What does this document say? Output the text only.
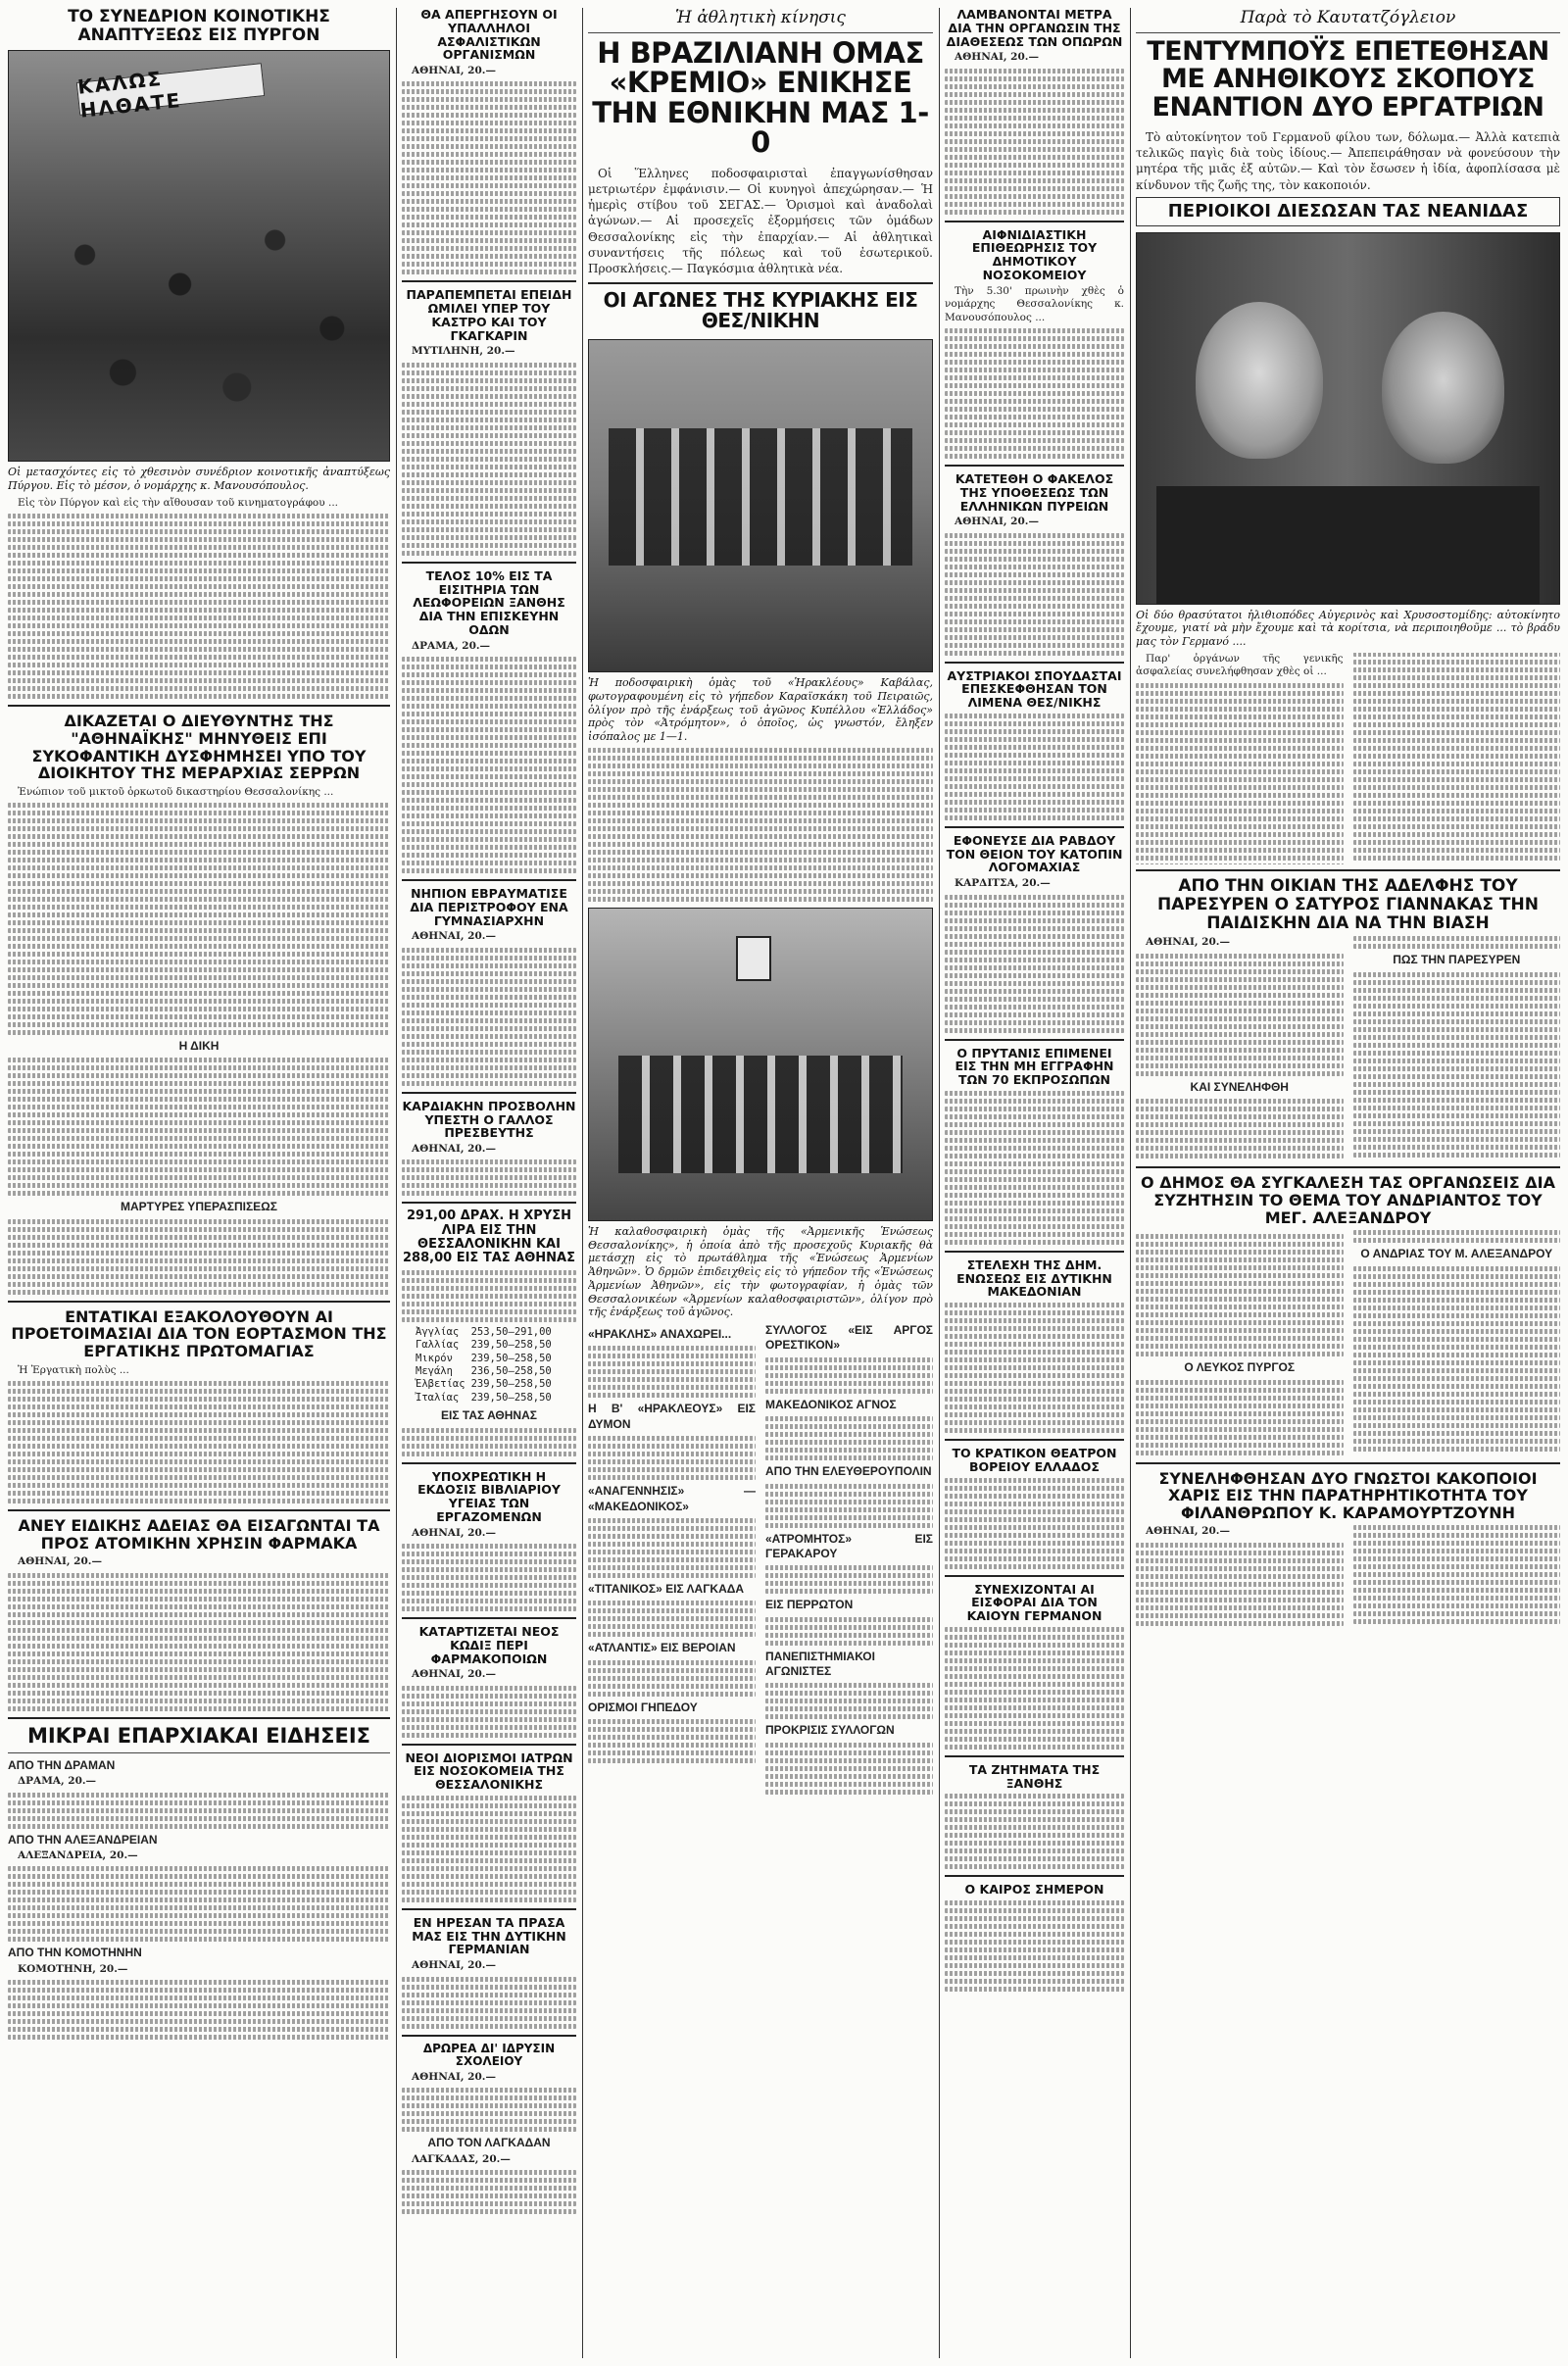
ΤΟ ΣΥΝΕΔΡΙΟΝ ΚΟΙΝΟΤΙΚΗΣ ΑΝΑΠΤΥΞΕΩΣ ΕΙΣ ΠΥΡΓΟΝ
ΚΑΛΩΣ ΗΛΘΑΤΕ
Οἱ μετασχόντες εἰς τὸ χθεσινὸν συνέδριον κοινοτικῆς ἀναπτύξεως Πύργου. Εἰς τὸ μέσον, ὁ νομάρχης κ. Μανουσόπουλος.

Εἰς τὸν Πύργον καὶ εἰς τὴν αἴθουσαν τοῦ κινηματογράφου ...

ΔΙΚΑΖΕΤΑΙ Ο ΔΙΕΥΘΥΝΤΗΣ ΤΗΣ "ΑΘΗΝΑΪΚΗΣ" ΜΗΝΥΘΕΙΣ ΕΠΙ ΣΥΚΟΦΑΝΤΙΚΗ ΔΥΣΦΗΜΗΣΕΙ ΥΠΟ ΤΟΥ ΔΙΟΙΚΗΤΟΥ ΤΗΣ ΜΕΡΑΡΧΙΑΣ ΣΕΡΡΩΝ

Ἐνώπιον τοῦ μικτοῦ ὁρκωτοῦ δικαστηρίου Θεσσαλονίκης ...

Η ΔΙΚΗ
ΜΑΡΤΥΡΕΣ ΥΠΕΡΑΣΠΙΣΕΩΣ
ΕΝΤΑΤΙΚΑΙ ΕΞΑΚΟΛΟΥΘΟΥΝ ΑΙ ΠΡΟΕΤΟΙΜΑΣΙΑΙ ΔΙΑ ΤΟΝ ΕΟΡΤΑΣΜΟΝ ΤΗΣ ΕΡΓΑΤΙΚΗΣ ΠΡΩΤΟΜΑΓΙΑΣ

Ἡ Ἐργατικὴ πολὺς ...

ΑΝΕΥ ΕΙΔΙΚΗΣ ΑΔΕΙΑΣ ΘΑ ΕΙΣΑΓΩΝΤΑΙ ΤΑ ΠΡΟΣ ΑΤΟΜΙΚΗΝ ΧΡΗΣΙΝ ΦΑΡΜΑΚΑ

ΑΘΗΝΑΙ, 20.—

ΜΙΚΡΑΙ ΕΠΑΡΧΙΑΚΑΙ ΕΙΔΗΣΕΙΣ
ΑΠΟ ΤΗΝ ΔΡΑΜΑΝ

ΔΡΑΜΑ, 20.—

ΑΠΟ ΤΗΝ ΑΛΕΞΑΝΔΡΕΙΑΝ

ΑΛΕΞΑΝΔΡΕΙΑ, 20.—

ΑΠΟ ΤΗΝ ΚΟΜΟΤΗΝΗΝ

ΚΟΜΟΤΗΝΗ, 20.—

ΘΑ ΑΠΕΡΓΗΣΟΥΝ ΟΙ ΥΠΑΛΛΗΛΟΙ ΑΣΦΑΛΙΣΤΙΚΩΝ ΟΡΓΑΝΙΣΜΩΝ

ΑΘΗΝΑΙ, 20.—

ΠΑΡΑΠΕΜΠΕΤΑΙ ΕΠΕΙΔΗ ΩΜΙΛΕΙ ΥΠΕΡ ΤΟΥ ΚΑΣΤΡΟ ΚΑΙ ΤΟΥ ΓΚΑΓΚΑΡΙΝ

ΜΥΤΙΛΗΝΗ, 20.—

ΤΕΛΟΣ 10% ΕΙΣ ΤΑ ΕΙΣΙΤΗΡΙΑ ΤΩΝ ΛΕΩΦΟΡΕΙΩΝ ΞΑΝΘΗΣ ΔΙΑ ΤΗΝ ΕΠΙΣΚΕΥΗΝ ΟΔΩΝ

ΔΡΑΜΑ, 20.—

ΝΗΠΙΟΝ ΕΒΡΑΥΜΑΤΙΣΕ ΔΙΑ ΠΕΡΙΣΤΡΟΦΟΥ ΕΝΑ ΓΥΜΝΑΣΙΑΡΧΗΝ

ΑΘΗΝΑΙ, 20.—

ΚΑΡΔΙΑΚΗΝ ΠΡΟΣΒΟΛΗΝ ΥΠΕΣΤΗ Ο ΓΑΛΛΟΣ ΠΡΕΣΒΕΥΤΗΣ

ΑΘΗΝΑΙ, 20.—

291,00 ΔΡΑΧ. Η ΧΡΥΣΗ ΛΙΡΑ ΕΙΣ ΤΗΝ ΘΕΣΣΑΛΟΝΙΚΗΝ ΚΑΙ 288,00 ΕΙΣ ΤΑΣ ΑΘΗΝΑΣ
Ἀγγλίας	253,50—291,00
Γαλλίας	239,50—258,50
Μικρόν	239,50—258,50
Μεγάλη	236,50—258,50
Ἑλβετίας	239,50—258,50
Ἰταλίας	239,50—258,50
ΕΙΣ ΤΑΣ ΑΘΗΝΑΣ
ΥΠΟΧΡΕΩΤΙΚΗ Η ΕΚΔΟΣΙΣ ΒΙΒΛΙΑΡΙΟΥ ΥΓΕΙΑΣ ΤΩΝ ΕΡΓΑΖΟΜΕΝΩΝ

ΑΘΗΝΑΙ, 20.—

ΚΑΤΑΡΤΙΖΕΤΑΙ ΝΕΟΣ ΚΩΔΙΞ ΠΕΡΙ ΦΑΡΜΑΚΟΠΟΙΩΝ

ΑΘΗΝΑΙ, 20.—

ΝΕΟΙ ΔΙΟΡΙΣΜΟΙ ΙΑΤΡΩΝ ΕΙΣ ΝΟΣΟΚΟΜΕΙΑ ΤΗΣ ΘΕΣΣΑΛΟΝΙΚΗΣ
ΕΝ ΗΡΕΣΑΝ ΤΑ ΠΡΑΣΑ ΜΑΣ ΕΙΣ ΤΗΝ ΔΥΤΙΚΗΝ ΓΕΡΜΑΝΙΑΝ

ΑΘΗΝΑΙ, 20.—

ΔΡΩΡΕΑ ΔΙ' ΙΔΡΥΣΙΝ ΣΧΟΛΕΙΟΥ

ΑΘΗΝΑΙ, 20.—

ΑΠΟ ΤΟΝ ΛΑΓΚΑΔΑΝ

ΛΑΓΚΑΔΑΣ, 20.—

Ἡ ἀθλητικὴ κίνησις
Η ΒΡΑΖΙΛΙΑΝΗ ΟΜΑΣ «ΚΡΕΜΙΟ» ΕΝΙΚΗΣΕ ΤΗΝ ΕΘΝΙΚΗΝ ΜΑΣ 1-0

Οἱ Ἕλληνες ποδοσφαιρισταὶ ἐπαγγωνίσθησαν μετριωτέρν ἐμφάνισιν.— Οἱ κυνηγοὶ ἀπεχώρησαν.— Ἡ ἡμερὶς στίβου τοῦ ΣΕΓΑΣ.— Ὁρισμοὶ καὶ ἀναδολαὶ ἀγώνων.— Αἱ προσεχεῖς ἐξορμήσεις τῶν ὁμάδων Θεσσαλονίκης εἰς τὴν ἐπαρχίαν.— Αἱ ἀθλητικαὶ συναντήσεις τῆς πόλεως καὶ τοῦ ἐσωτερικοῦ. Προσκλήσεις.— Παγκόσμια ἀθλητικὰ νέα.

ΟΙ ΑΓΩΝΕΣ ΤΗΣ ΚΥΡΙΑΚΗΣ ΕΙΣ ΘΕΣ/ΝΙΚΗΝ
Ἡ ποδοσφαιρικὴ ὁμὰς τοῦ «Ἡρακλέους» Καβάλας, φωτογραφουμένη εἰς τὸ γήπεδον Καραϊσκάκη τοῦ Πειραιῶς, ὀλίγον πρὸ τῆς ἐνάρξεως τοῦ ἀγῶνος Κυπέλλου «Ἑλλάδος» πρὸς τὸν «Ἀτρόμητον», ὁ ὁποῖος, ὡς γνωστόν, ἔληξεν ἰσόπαλος με 1—1.
Ἡ καλαθοσφαιρικὴ ὁμὰς τῆς «Ἀρμενικῆς Ἑνώσεως Θεσσαλονίκης», ἡ ὁποία ἀπὸ τῆς προσεχοῦς Κυριακῆς θὰ μετάσχῃ εἰς τὸ πρωτάθλημα τῆς «Ἑνώσεως Ἀρμενίων Ἀθηνῶν». Ὁ δρμῶν ἐπιδειχθεὶς εἰς τὸ γήπεδον τῆς «Ἑνώσεως Ἀρμενίων Ἀθηνῶν», εἰς τὴν φωτογραφίαν, ἡ ὁμὰς τῶν Θεσσαλονικέων «Ἀρμενίων καλαθοσφαιριστῶν», ὀλίγον πρὸ τῆς ἐνάρξεως τοῦ ἀγῶνος.
«ΗΡΑΚΛΗΣ» ΑΝΑΧΩΡΕΙ...
Η Β' «ΗΡΑΚΛΕΟΥΣ» ΕΙΣ ΔΥΜΟΝ
«ΑΝΑΓΕΝΝΗΣΙΣ» — «ΜΑΚΕΔΟΝΙΚΟΣ»
«ΤΙΤΑΝΙΚΟΣ» ΕΙΣ ΛΑΓΚΑΔΑ
«ΑΤΛΑΝΤΙΣ» ΕΙΣ ΒΕΡΟΙΑΝ
ΟΡΙΣΜΟΙ ΓΗΠΕΔΟΥ
ΣΥΛΛΟΓΟΣ «ΕΙΣ ΑΡΓΟΣ ΟΡΕΣΤΙΚΟΝ»
ΜΑΚΕΔΟΝΙΚΟΣ ΑΓΝΟΣ
ΑΠΟ ΤΗΝ ΕΛΕΥΘΕΡΟΥΠΟΛΙΝ
«ΑΤΡΟΜΗΤΟΣ» ΕΙΣ ΓΕΡΑΚΑΡΟΥ
ΕΙΣ ΠΕΡΡΩΤΟΝ
ΠΑΝΕΠΙΣΤΗΜΙΑΚΟΙ ΑΓΩΝΙΣΤΕΣ
ΠΡΟΚΡΙΣΙΣ ΣΥΛΛΟΓΩΝ
ΛΑΜΒΑΝΟΝΤΑΙ ΜΕΤΡΑ ΔΙΑ ΤΗΝ ΟΡΓΑΝΩΣΙΝ ΤΗΣ ΔΙΑΘΕΣΕΩΣ ΤΩΝ ΟΠΩΡΩΝ

ΑΘΗΝΑΙ, 20.—

ΑΙΦΝΙΔΙΑΣΤΙΚΗ ΕΠΙΘΕΩΡΗΣΙΣ ΤΟΥ ΔΗΜΟΤΙΚΟΥ ΝΟΣΟΚΟΜΕΙΟΥ

Τὴν 5.30' πρωινὴν χθὲς ὁ νομάρχης Θεσσαλονίκης κ. Μανουσόπουλος ...

ΚΑΤΕΤΕΘΗ Ο ΦΑΚΕΛΟΣ ΤΗΣ ΥΠΟΘΕΣΕΩΣ ΤΩΝ ΕΛΛΗΝΙΚΩΝ ΠΥΡΕΙΩΝ

ΑΘΗΝΑΙ, 20.—

ΑΥΣΤΡΙΑΚΟΙ ΣΠΟΥΔΑΣΤΑΙ ΕΠΕΣΚΕΦΘΗΣΑΝ ΤΟΝ ΛΙΜΕΝΑ ΘΕΣ/ΝΙΚΗΣ
ΕΦΟΝΕΥΣΕ ΔΙΑ ΡΑΒΔΟΥ ΤΟΝ ΘΕΙΟΝ ΤΟΥ ΚΑΤΟΠΙΝ ΛΟΓΟΜΑΧΙΑΣ

ΚΑΡΔΙΤΣΑ, 20.—

Ο ΠΡΥΤΑΝΙΣ ΕΠΙΜΕΝΕΙ ΕΙΣ ΤΗΝ ΜΗ ΕΓΓΡΑΦΗΝ ΤΩΝ 70 ΕΚΠΡΟΣΩΠΩΝ
ΣΤΕΛΕΧΗ ΤΗΣ ΔΗΜ. ΕΝΩΣΕΩΣ ΕΙΣ ΔΥΤΙΚΗΝ ΜΑΚΕΔΟΝΙΑΝ
ΤΟ ΚΡΑΤΙΚΟΝ ΘΕΑΤΡΟΝ ΒΟΡΕΙΟΥ ΕΛΛΑΔΟΣ
ΣΥΝΕΧΙΖΟΝΤΑΙ ΑΙ ΕΙΣΦΟΡΑΙ ΔΙΑ ΤΟΝ ΚΑΙΟΥΝ ΓΕΡΜΑΝΟΝ
ΤΑ ΖΗΤΗΜΑΤΑ ΤΗΣ ΞΑΝΘΗΣ
Ο ΚΑΙΡΟΣ ΣΗΜΕΡΟΝ
Παρὰ τὸ Καυτατζόγλειον
ΤΕΝΤΥΜΠΟΫΣ ΕΠΕΤΕΘΗΣΑΝ ΜΕ ΑΝΗΘΙΚΟΥΣ ΣΚΟΠΟΥΣ ΕΝΑΝΤΙΟΝ ΔΥΟ ΕΡΓΑΤΡΙΩΝ

Τὸ αὐτοκίνητον τοῦ Γερμανοῦ φίλου των, δόλωμα.— Ἀλλὰ κατεπιὰ τελικῶς παγὶς διὰ τοὺς ἰδίους.— Ἀπεπειράθησαν νὰ φονεύσουν τὴν μητέρα τῆς μιᾶς ἐξ αὐτῶν.— Καὶ τὸν ἔσωσεν ἡ ἰδία, ἀφοπλίσασα μὲ κίνδυνον τῆς ζωῆς της, τὸν κακοποιόν.

ΠΕΡΙΟΙΚΟΙ ΔΙΕΣΩΣΑΝ ΤΑΣ ΝΕΑΝΙΔΑΣ
Οἱ δύο θρασύτατοι ἠλιθιοπόδες Αὐγερινὸς καὶ Χρυσοστομίδης: αὐτοκίνητο ἔχουμε, γιατί νὰ μὴν ἔχουμε καὶ τὰ κορίτσια, νὰ περιποιηθοῦμε ... τὸ βράδυ μας τὸν Γερμανό ....

Παρ' ὀργάνων τῆς γενικῆς ἀσφαλείας συνελήφθησαν χθὲς οἱ ...

ΑΠΟ ΤΗΝ ΟΙΚΙΑΝ ΤΗΣ ΑΔΕΛΦΗΣ ΤΟΥ ΠΑΡΕΣΥΡΕΝ Ο ΣΑΤΥΡΟΣ ΓΙΑΝΝΑΚΑΣ ΤΗΝ ΠΑΙΔΙΣΚΗΝ ΔΙΑ ΝΑ ΤΗΝ ΒΙΑΣΗ

ΑΘΗΝΑΙ, 20.—

ΚΑΙ ΣΥΝΕΛΗΦΘΗ
ΠΩΣ ΤΗΝ ΠΑΡΕΣΥΡΕΝ
Ο ΔΗΜΟΣ ΘΑ ΣΥΓΚΑΛΕΣΗ ΤΑΣ ΟΡΓΑΝΩΣΕΙΣ ΔΙΑ ΣΥΖΗΤΗΣΙΝ ΤΟ ΘΕΜΑ ΤΟΥ ΑΝΔΡΙΑΝΤΟΣ ΤΟΥ ΜΕΓ. ΑΛΕΞΑΝΔΡΟΥ
Ο ΛΕΥΚΟΣ ΠΥΡΓΟΣ
Ο ΑΝΔΡΙΑΣ ΤΟΥ Μ. ΑΛΕΞΑΝΔΡΟΥ
ΣΥΝΕΛΗΦΘΗΣΑΝ ΔΥΟ ΓΝΩΣΤΟΙ ΚΑΚΟΠΟΙΟΙ ΧΑΡΙΣ ΕΙΣ ΤΗΝ ΠΑΡΑΤΗΡΗΤΙΚΟΤΗΤΑ ΤΟΥ ΦΙΛΑΝΘΡΩΠΟΥ Κ. ΚΑΡΑΜΟΥΡΤΖΟΥΝΗ

ΑΘΗΝΑΙ, 20.—
